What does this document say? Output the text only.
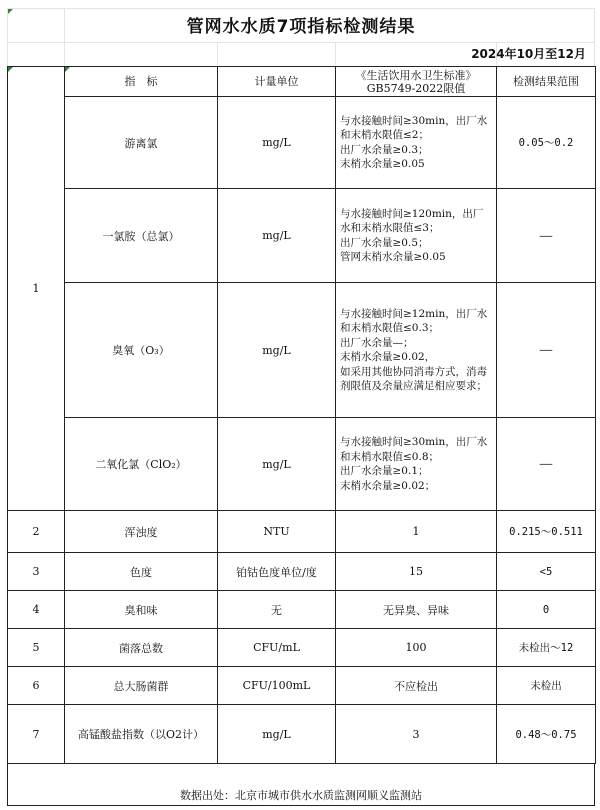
管网水水质7项指标检测结果
2024年10月至12月
1	指　标	计量单位	《生活饮用水卫生标准》GB5749-2022限值	检测结果范围
	游离氯	mg/L	与水接触时间≥30min，出厂水和末梢水限值≤2；
出厂水余量≥0.3；
末梢水余量≥0.05	0.05～0.2
	一氯胺（总氯）	mg/L	与水接触时间≥120min，出厂水和末梢水限值≤3；
出厂水余量≥0.5；
管网末梢水余量≥0.05	——
	臭氧（O₃）	mg/L	与水接触时间≥12min，出厂水和末梢水限值≤0.3；
出厂水余量—；
末梢水余量≥0.02，
如采用其他协同消毒方式，消毒剂限值及余量应满足相应要求；	——
	二氧化氯（ClO₂）	mg/L	与水接触时间≥30min，出厂水和末梢水限值≤0.8；
出厂水余量≥0.1；
末梢水余量≥0.02；	——
2	浑浊度	NTU	1	0.215～0.511
3	色度	铂钴色度单位/度	15	<5
4	臭和味	无	无异臭、异味	0
5	菌落总数	CFU/mL	100	未检出～12
6	总大肠菌群	CFU/100mL	不应检出	未检出
7	高锰酸盐指数（以O2计）	mg/L	3	0.48～0.75
数据出处：北京市城市供水水质监测网顺义监测站
